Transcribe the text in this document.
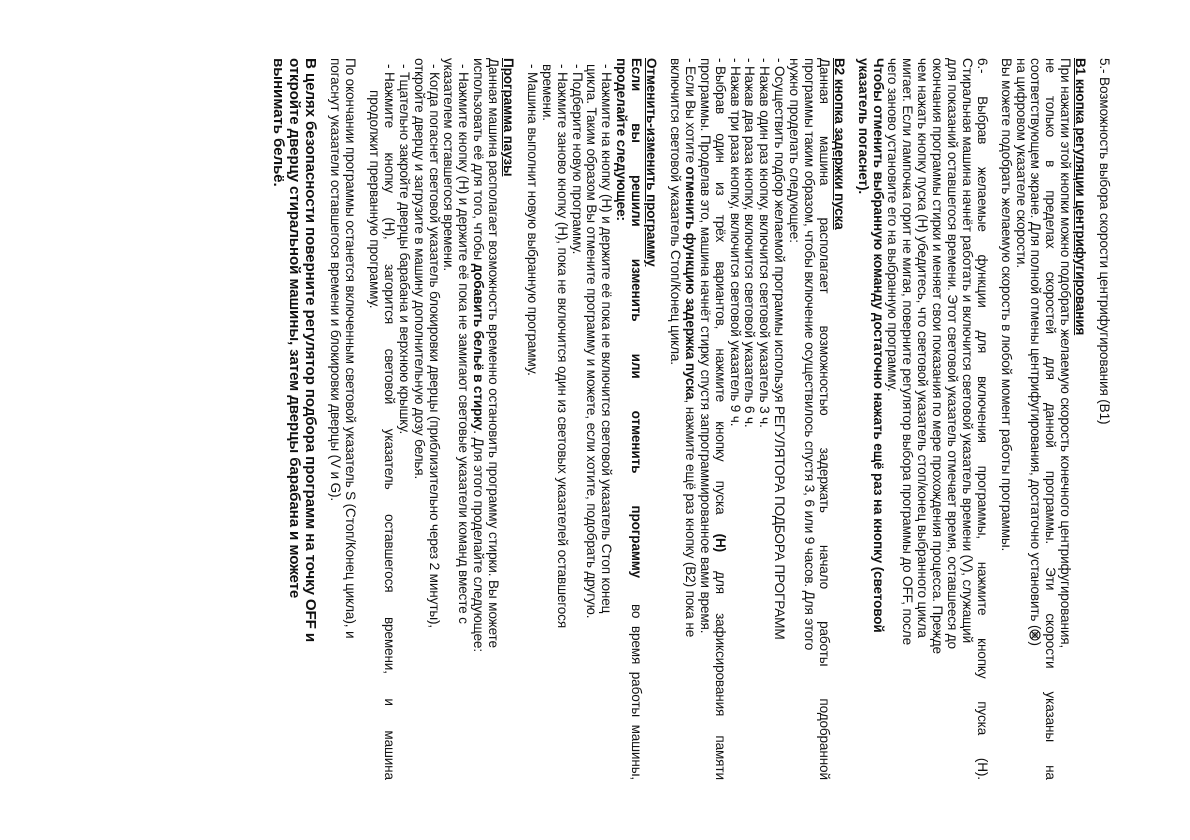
5.- Возможность выбора скорости центрифугирования (B1)
B1 кнопка регуляции центрифугирования
При нажатии этой кнопки можно подобрать желаемую скорость конечного центрифугирования,
не
только
в
пределах
скоростей
для
данной
программы.
Эти
скорости
указаны
на
соответствующем экране. Для полной отмены центрифугирования, достаточно установить ()
на цифровом указателе скорости.
Вы можете подобрать желаемую скорость в любой момент работы программы.
6.-
Выбрав
желаемые
функции
для
включения
программы,
нажмите
кнопку
пуска
(H).
Стиральная машина начнёт работать и включится световой указатель времени (V), служащий
для показаний оставшегося времени. Этот световой указатель отмечает время, оставшееся до
окончания программы стирки и меняет свои показания по мере прохождения процесса. Прежде
чем нажать кнопку пуска (H) убедитесь, что световой указатель стоп/конец выбранного цикла
мигает. Если лампочка горит не мигая, поверните регулятор выбора программы до OFF, после
чего заново установите его на выбранную программу.
Чтобы отменить выбранную команду достаточно нажать ещё раз на кнопку (световой
указатель погаснет).
B2 кнопка задержки пуска
Данная
машина
располагает
возможностью
задержать
начало
работы
подобранной
программы таким образом, чтобы включение осуществилось спустя 3, 6 или 9 часов. Для этого
нужно проделать следующее:
- Осуществить подбор желаемой программы используя РЕГУЛЯТОРА ПОДБОРА ПРОГРАММ
- Нажав один раз кнопку, включится световой указатель 3 ч.
- Нажав два раза кнопку, включится световой указатель 6 ч.
- Нажав три раза кнопку, включится световой указатель 9 ч.
- Выбрав
один
из
трёх
вариантов,
нажмите
кнопку
пуска
(H)
для
зафиксирования
памяти
программы. Проделав это, машина начнёт стирку спустя запрограммированное вами время.
- Если Вы хотите отменить функцию задержка пуска, нажмите ещё раз кнопку (B2) пока не
включится световой указатель Стоп/Конец цикла.
Отменить-изменить программу
Если
вы
решили
изменить
или
отменить
программу
во
время
работы
машины,
проделайте следующее:
- Нажмите на кнопку (H) и держите её пока не включится световой указатель Стоп конец
цикла. Таким образом Вы отмените программу и можете, если хотите, подобрать другую.
- Подберите новую программу.
- Нажмите заново кнопку (H), пока не включится один из световых указателей оставшегося
времени.
- Машина выполнит новую выбранную программу.
Программа паузы
Данная машина располагает возможность временно остановить программу стирки. Вы можете
использовать её для того, чтобы добавить бельё в стирку. Для этого проделайте следующее:
- Нажмите кнопку (H) и держите её пока не замигают световые указатели команд вместе с
указателем оставшегося времени.
- Когда погаснет световой указатель блокировки дверцы (приблизительно через 2 минуты),
откройте дверцу и загрузите в машину дополнительную дозу белья.
- Тщательно закройте дверцы барабана и верхнюю крышку.
- Нажмите
кнопку
(H),
загорится
световой
указатель
оставшегося
времени,
и
машина
продолжит прерванную программу.
По окончании программы останется включенным световой указатель S (Стоп/Конец цикла), и
погаснут указатели оставшегося времени и блокировки дверцы (V и G).
В целях безопасности поверните регулятор подбора программ на точку OFF и
откройте дверцу стиральной машины, затем дверцы барабана и можете
вынимать бельё.
